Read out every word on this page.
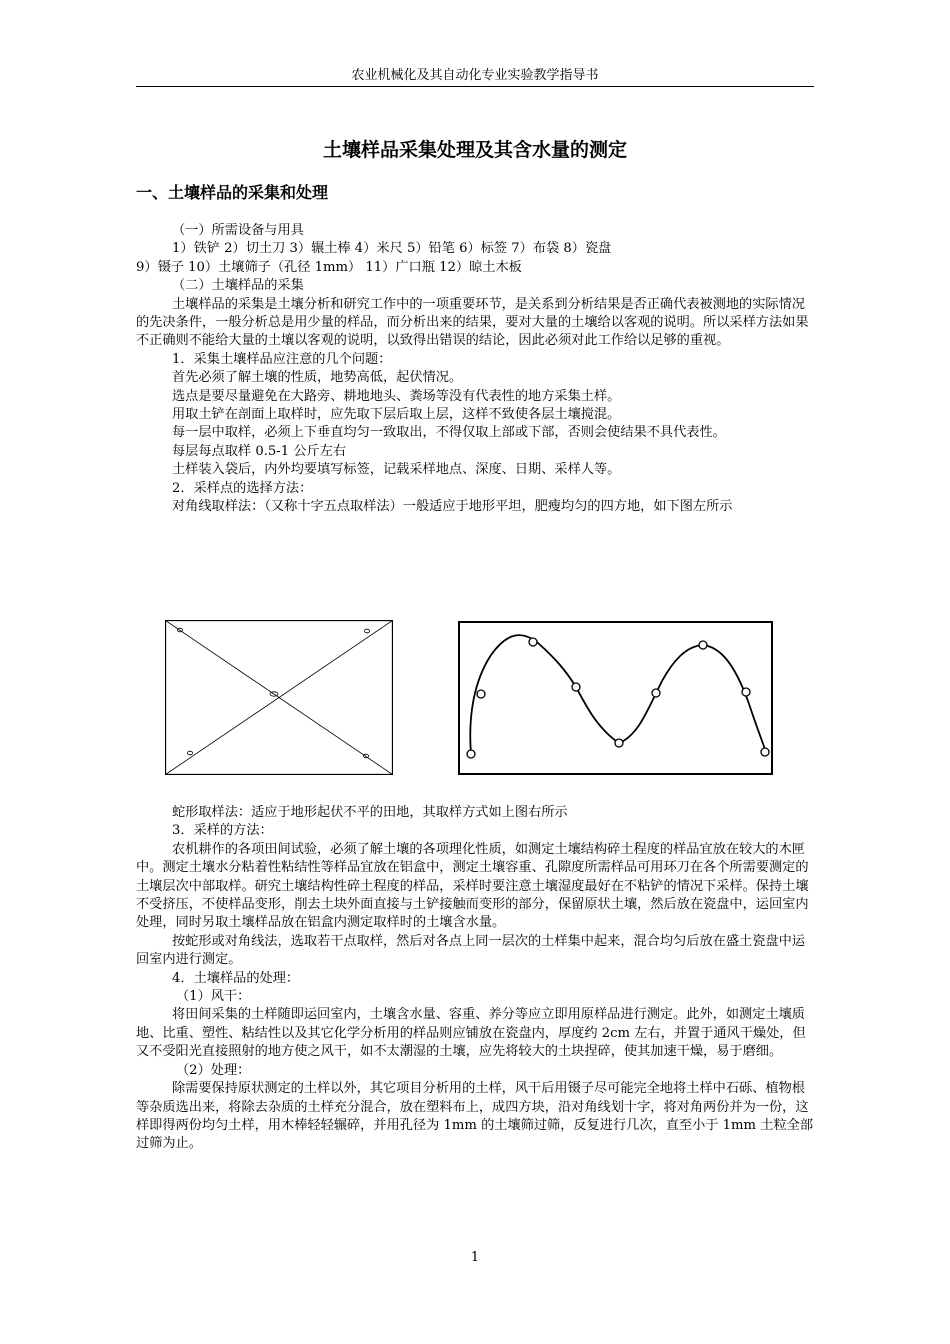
农业机械化及其自动化专业实验教学指导书
土壤样品采集处理及其含水量的测定
一、土壤样品的采集和处理

（一）所需设备与用具

1）铁铲 2）切土刀 3）辗土棒 4）米尺 5）铅笔 6）标签 7）布袋 8）瓷盘

9）镊子 10）土壤筛子（孔径 1mm） 11）广口瓶 12）晾土木板

（二）土壤样品的采集

土壤样品的采集是土壤分析和研究工作中的一项重要环节，是关系到分析结果是否正确代表被测地的实际情况的先决条件，一般分析总是用少量的样品，而分析出来的结果，要对大量的土壤给以客观的说明。所以采样方法如果不正确则不能给大量的土壤以客观的说明，以致得出错误的结论，因此必须对此工作给以足够的重视。

1．采集土壤样品应注意的几个问题：

首先必须了解土壤的性质，地势高低，起伏情况。

选点是要尽量避免在大路旁、耕地地头、粪场等没有代表性的地方采集土样。

用取土铲在剖面上取样时，应先取下层后取上层，这样不致使各层土壤搅混。

每一层中取样，必须上下垂直均匀一致取出，不得仅取上部或下部，否则会使结果不具代表性。

每层每点取样 0.5-1 公斤左右

土样装入袋后，内外均要填写标签，记载采样地点、深度、日期、采样人等。

2．采样点的选择方法：

对角线取样法：（又称十字五点取样法）一般适应于地形平坦，肥瘦均匀的四方地，如下图左所示

蛇形取样法：适应于地形起伏不平的田地，其取样方式如上图右所示

3．采样的方法：

农机耕作的各项田间试验，必须了解土壤的各项理化性质，如测定土壤结构碎土程度的样品宜放在较大的木匣中。测定土壤水分粘着性粘结性等样品宜放在铝盒中，测定土壤容重、孔隙度所需样品可用环刀在各个所需要测定的土壤层次中部取样。研究土壤结构性碎土程度的样品，采样时要注意土壤湿度最好在不粘铲的情况下采样。保持土壤不受挤压，不使样品变形，削去土块外面直接与土铲接触而变形的部分，保留原状土壤，然后放在瓷盘中，运回室内处理，同时另取土壤样品放在铝盒内测定取样时的土壤含水量。

按蛇形或对角线法，选取若干点取样，然后对各点上同一层次的土样集中起来，混合均匀后放在盛土瓷盘中运回室内进行测定。

4．土壤样品的处理：

（1）风干：

将田间采集的土样随即运回室内，土壤含水量、容重、养分等应立即用原样品进行测定。此外，如测定土壤质地、比重、塑性、粘结性以及其它化学分析用的样品则应铺放在瓷盘内，厚度约 2cm 左右，并置于通风干燥处，但又不受阳光直接照射的地方使之风干，如不太潮湿的土壤，应先将较大的土块捏碎，使其加速干燥，易于磨细。

（2）处理：

除需要保持原状测定的土样以外，其它项目分析用的土样，风干后用镊子尽可能完全地将土样中石砾、植物根等杂质选出来，将除去杂质的土样充分混合，放在塑料布上，成四方块，沿对角线划十字，将对角两份并为一份，这样即得两份均匀土样，用木棒轻轻辗碎，并用孔径为 1mm 的土壤筛过筛，反复进行几次，直至小于 1mm 土粒全部过筛为止。

1
